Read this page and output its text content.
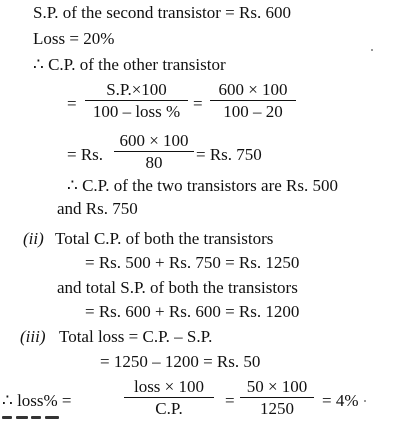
S.P. of the second transistor = Rs. 600
Loss = 20%
∴ C.P. of the other transistor
=
S.P.×100
100 – loss % = $\frac{600 \times 100}{100 - 20}$
= Rs. $\frac{600 \times 100}{80} = Rs$. 750
∴ C.P. of the two transistors are Rs. 500
and Rs. 750
(ii) Total C.P. of both the transistors
= Rs. 500 + Rs. 750 = Rs. 1250
and total S.P. of both the transistors
= Rs. 600 + Rs. 600 = Rs. 1200
(iii) Total loss = C.P. – S.P.
= 1250 – 1200 = Rs. 50
∴ loss% =
loss × 100
C.P.	= $\frac{50 \times 100}{1250} = 4\%$
